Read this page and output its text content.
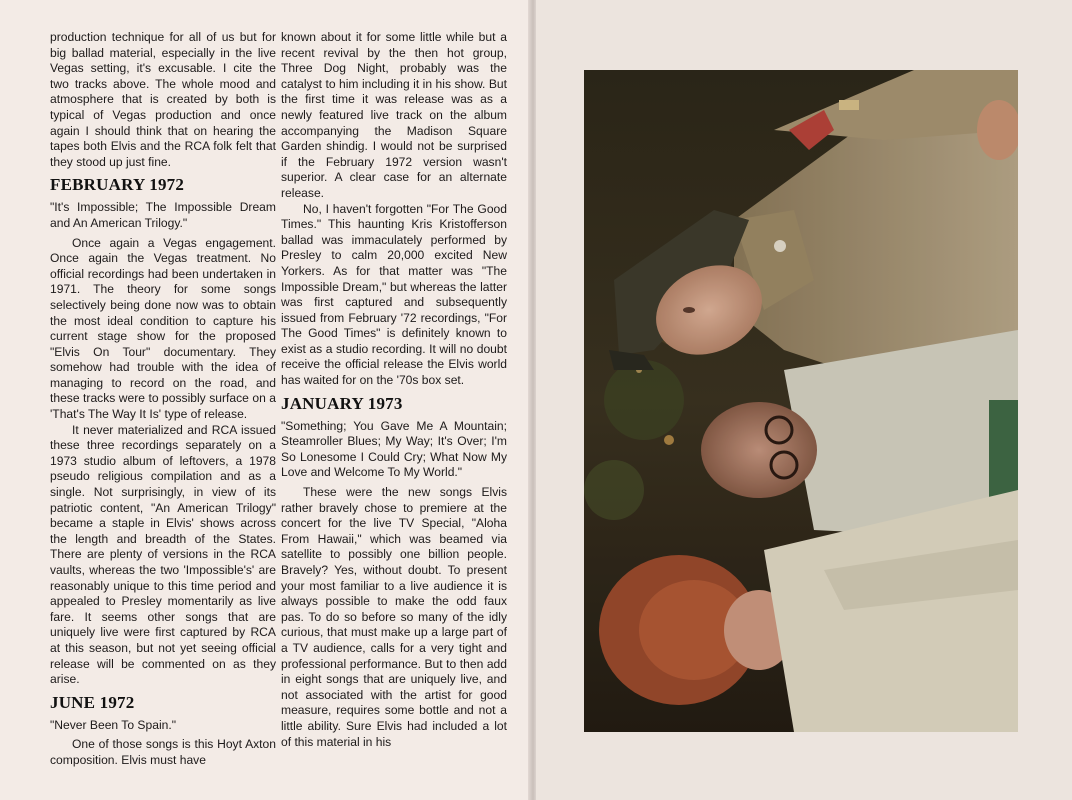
production technique for all of us but for big ballad material, especially in the live Vegas setting, it's excusable. I cite the two tracks above. The whole mood and atmosphere that is created by both is typical of Vegas production and once again I should think that on hearing the tapes both Elvis and the RCA folk felt that they stood up just fine.

FEBRUARY 1972

"It's Impossible; The Impossible Dream and An American Trilogy."

Once again a Vegas engagement. Once again the Vegas treatment. No official recordings had been undertaken in 1971. The theory for some songs selectively being done now was to obtain the most ideal condition to capture his current stage show for the proposed "Elvis On Tour" documentary. They somehow had trouble with the idea of managing to record on the road, and these tracks were to possibly surface on a 'That's The Way It Is' type of release.

It never materialized and RCA issued these three recordings separately on a 1973 studio album of leftovers, a 1978 pseudo religious compilation and as a single. Not surprisingly, in view of its patriotic content, "An American Trilogy" became a staple in Elvis' shows across the length and breadth of the States. There are plenty of versions in the RCA vaults, whereas the two 'Impossible's' are reasonably unique to this time period and appealed to Presley momentarily as live fare. It seems other songs that are uniquely live were first captured by RCA at this season, but not yet seeing official release will be commented on as they arise.

JUNE 1972

"Never Been To Spain."

One of those songs is this Hoyt Axton composition. Elvis must have

known about it for some little while but a recent revival by the then hot group, Three Dog Night, probably was the catalyst to him including it in his show. But the first time it was release was as a newly featured live track on the album accompanying the Madison Square Garden shindig. I would not be surprised if the February 1972 version wasn't superior. A clear case for an alternate release.

No, I haven't forgotten "For The Good Times." This haunting Kris Kristofferson ballad was immaculately performed by Presley to calm 20,000 excited New Yorkers. As for that matter was "The Impossible Dream," but whereas the latter was first captured and subsequently issued from February '72 recordings, "For The Good Times" is definitely known to exist as a studio recording. It will no doubt receive the official release the Elvis world has waited for on the '70s box set.

JANUARY 1973

"Something; You Gave Me A Mountain; Steamroller Blues; My Way; It's Over; I'm So Lonesome I Could Cry; What Now My Love and Welcome To My World."

These were the new songs Elvis rather bravely chose to premiere at the concert for the live TV Special, "Aloha From Hawaii," which was beamed via satellite to possibly one billion people. Bravely? Yes, without doubt. To present your most familiar to a live audience it is always possible to make the odd faux pas. To do so before so many of the idly curious, that must make up a large part of a TV audience, calls for a very tight and professional performance. But to then add in eight songs that are uniquely live, and not associated with the artist for good measure, requires some bottle and not a little ability. Sure Elvis had included a lot of this material in his
